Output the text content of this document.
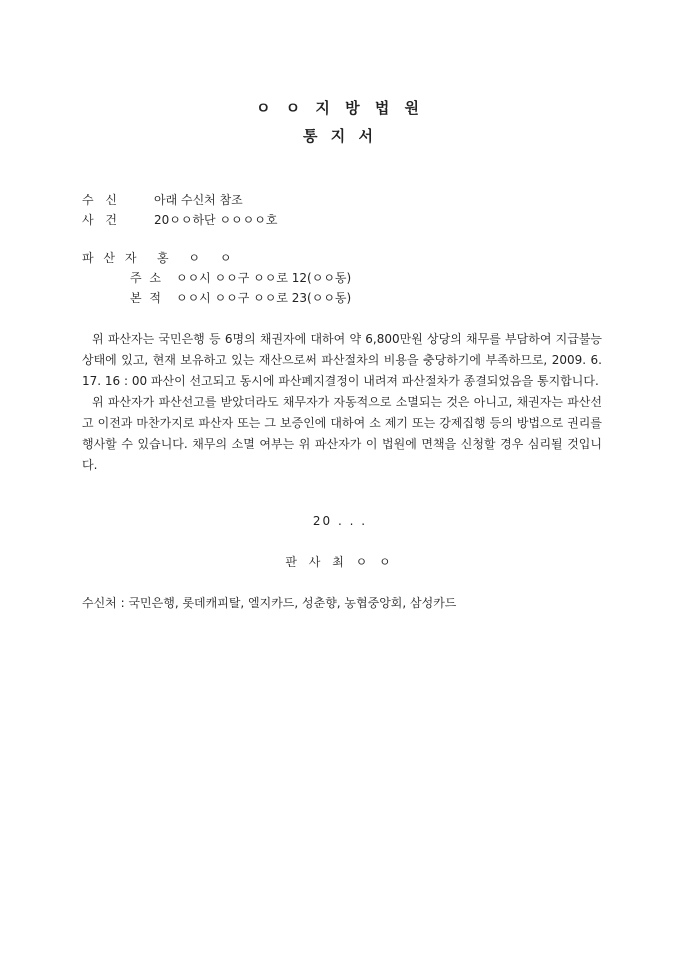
ㅇ ㅇ 지 방 법 원
통 지 서
수 신	아래 수신처 참조
사 건	20ㅇㅇ하단 ㅇㅇㅇㅇ호
파 산 자 홍 ㅇ ㅇ
주 소 ㅇㅇ시 ㅇㅇ구 ㅇㅇ로 12(ㅇㅇ동)
본 적 ㅇㅇ시 ㅇㅇ구 ㅇㅇ로 23(ㅇㅇ동)

위 파산자는 국민은행 등 6명의 채권자에 대하여 약 6,800만원 상당의 채무를 부담하여 지급불능상태에 있고, 현재 보유하고 있는 재산으로써 파산절차의 비용을 충당하기에 부족하므로, 2009. 6. 17. 16 : 00 파산이 선고되고 동시에 파산폐지결정이 내려져 파산절차가 종결되었음을 통지합니다.

위 파산자가 파산선고를 받았더라도 채무자가 자동적으로 소멸되는 것은 아니고, 채권자는 파산선고 이전과 마찬가지로 파산자 또는 그 보증인에 대하여 소 제기 또는 강제집행 등의 방법으로 권리를 행사할 수 있습니다. 채무의 소멸 여부는 위 파산자가 이 법원에 면책을 신청할 경우 심리될 것입니다.

20 . . .
판 사 최 ㅇ ㅇ
수신처 : 국민은행, 롯데캐피탈, 엘지카드, 성춘향, 농협중앙회, 삼성카드
